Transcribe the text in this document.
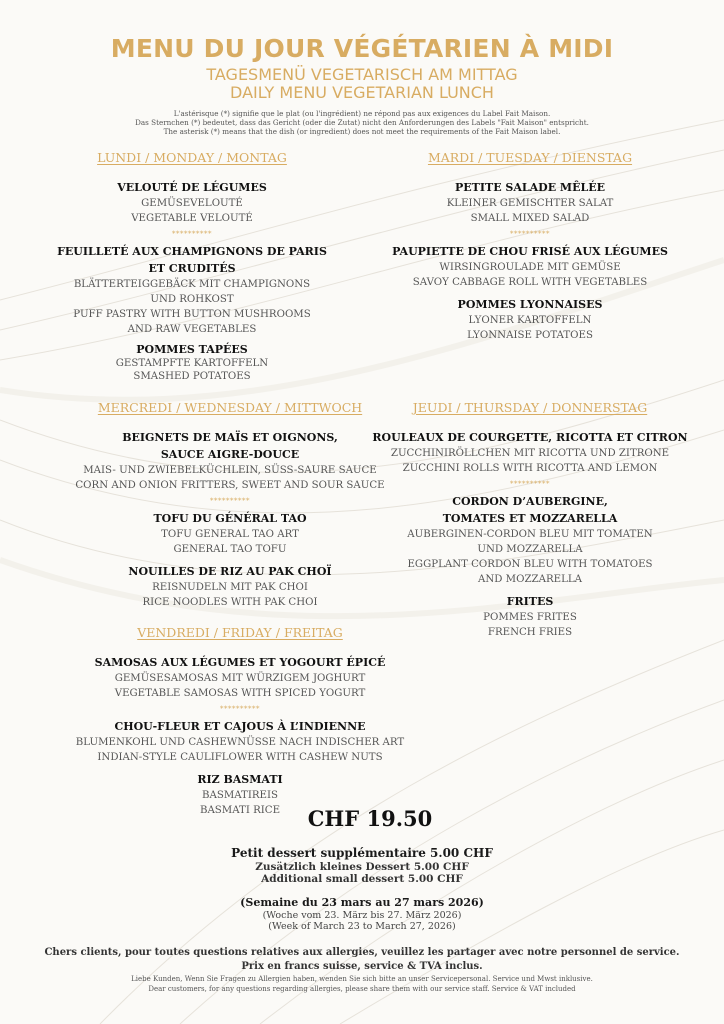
MENU DU JOUR VÉGÉTARIEN À MIDI
TAGESMENÜ VEGETARISCH AM MITTAG
DAILY MENU VEGETARIAN LUNCH
L'astérisque (*) signifie que le plat (ou l'ingrédient) ne répond pas aux exigences du Label Fait Maison.
Das Sternchen (*) bedeutet, dass das Gericht (oder die Zutat) nicht den Anforderungen des Labels "Fait Maison" entspricht.
The asterisk (*) means that the dish (or ingredient) does not meet the requirements of the Fait Maison label.
LUNDI / MONDAY / MONTAG
VELOUTÉ DE LÉGUMES
GEMÜSEVELOUTÉ
VEGETABLE VELOUTÉ
**********
FEUILLETÉ AUX CHAMPIGNONS DE PARIS
ET CRUDITÉS
BLÄTTERTEIGGEBÄCK MIT CHAMPIGNONS
UND ROHKOST
PUFF PASTRY WITH BUTTON MUSHROOMS
AND RAW VEGETABLES
POMMES TAPÉES
GESTAMPFTE KARTOFFELN
SMASHED POTATOES
MARDI / TUESDAY / DIENSTAG
PETITE SALADE MÊLÉE
KLEINER GEMISCHTER SALAT
SMALL MIXED SALAD
**********
PAUPIETTE DE CHOU FRISÉ AUX LÉGUMES
WIRSINGROULADE MIT GEMÜSE
SAVOY CABBAGE ROLL WITH VEGETABLES
POMMES LYONNAISES
LYONER KARTOFFELN
LYONNAISE POTATOES
MERCREDI / WEDNESDAY / MITTWOCH
BEIGNETS DE MAÏS ET OIGNONS,
SAUCE AIGRE-DOUCE
MAIS- UND ZWIEBELKÜCHLEIN, SÜSS-SAURE SAUCE
CORN AND ONION FRITTERS, SWEET AND SOUR SAUCE
**********
TOFU DU GÉNÉRAL TAO
TOFU GENERAL TAO ART
GENERAL TAO TOFU
NOUILLES DE RIZ AU PAK CHOÏ
REISNUDELN MIT PAK CHOI
RICE NOODLES WITH PAK CHOI
JEUDI / THURSDAY / DONNERSTAG
ROULEAUX DE COURGETTE, RICOTTA ET CITRON
ZUCCHINIRÖLLCHEN MIT RICOTTA UND ZITRONE
ZUCCHINI ROLLS WITH RICOTTA AND LEMON
**********
CORDON D’AUBERGINE,
TOMATES ET MOZZARELLA
AUBERGINEN-CORDON BLEU MIT TOMATEN
UND MOZZARELLA
EGGPLANT CORDON BLEU WITH TOMATOES
AND MOZZARELLA
FRITES
POMMES FRITES
FRENCH FRIES
VENDREDI / FRIDAY / FREITAG
SAMOSAS AUX LÉGUMES ET YOGOURT ÉPICÉ
GEMÜSESAMOSAS MIT WÜRZIGEM JOGHURT
VEGETABLE SAMOSAS WITH SPICED YOGURT
**********
CHOU-FLEUR ET CAJOUS À L’INDIENNE
BLUMENKOHL UND CASHEWNÜSSE NACH INDISCHER ART
INDIAN-STYLE CAULIFLOWER WITH CASHEW NUTS
RIZ BASMATI
BASMATIREIS
BASMATI RICE	CHF 19.50
Petit dessert supplémentaire 5.00 CHF
Zusätzlich kleines Dessert 5.00 CHF
Additional small dessert 5.00 CHF
(Semaine du 23 mars au 27 mars 2026)
(Woche vom 23. März bis 27. März 2026)
(Week of March 23 to March 27, 2026)
Chers clients, pour toutes questions relatives aux allergies, veuillez les partager avec notre personnel de service.
Prix en francs suisse, service & TVA inclus.
Liebe Kunden, Wenn Sie Fragen zu Allergien haben, wenden Sie sich bitte an unser Servicepersonal. Service und Mwst inklusive.
Dear customers, for any questions regarding allergies, please share them with our service staff. Service & VAT included
